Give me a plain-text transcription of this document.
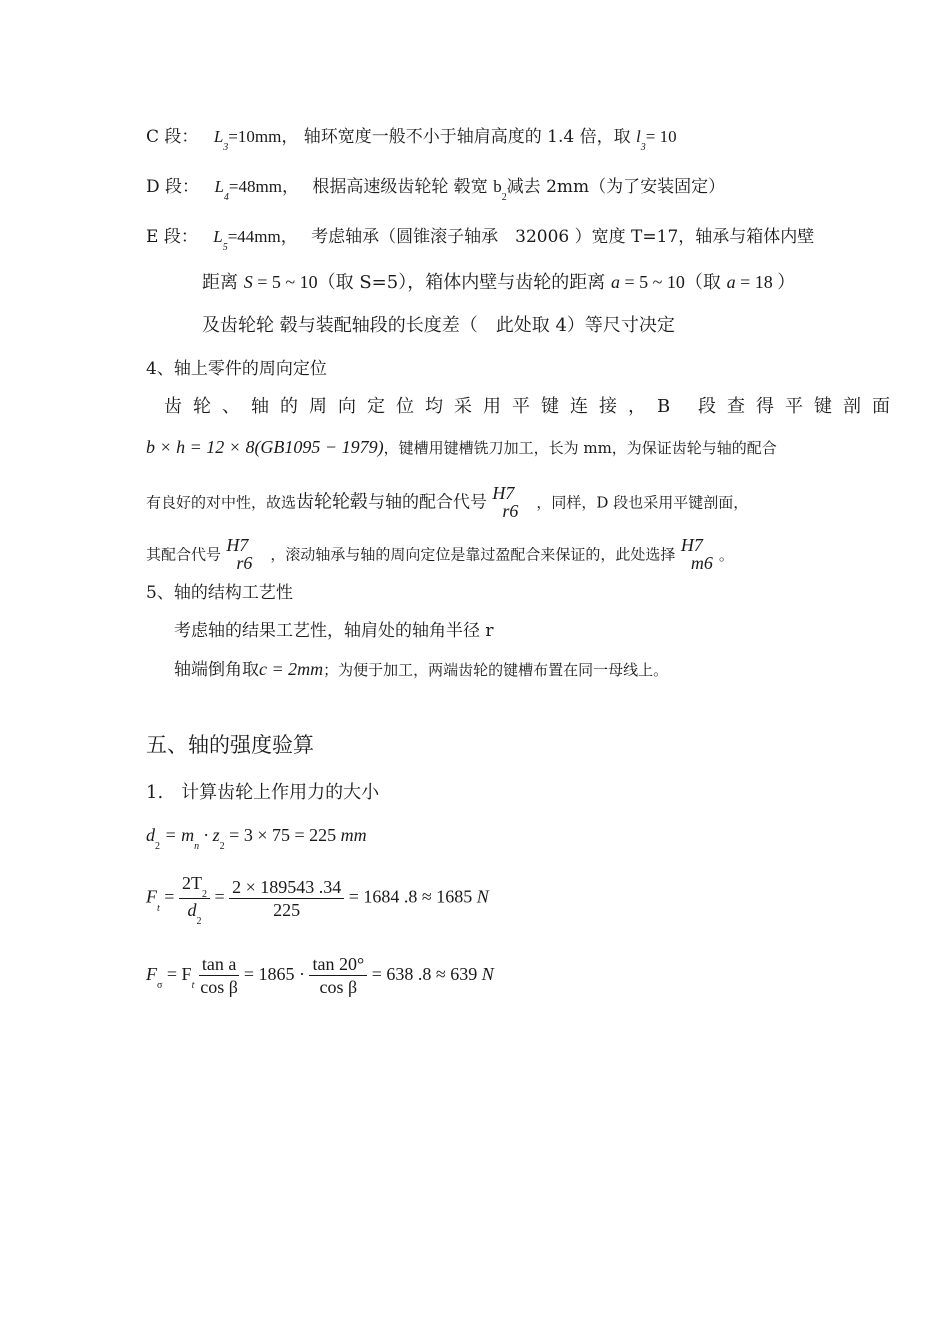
C 段： $L_3=10mm$， 轴环宽度一般不小于轴肩高度的 1.4 倍，取 $l_3= 10$
D 段： $L_4=48mm$， 根据高速级齿轮轮 毂宽 $b_2$减去 2mm（为了安装固定）
E 段： $L_5=44mm$， 考虑轴承（圆锥滚子轴承　32006 ）宽度 T=17，轴承与箱体内壁
距离 S = 5 ~ 10（取 S=5），箱体内壁与齿轮的距离 a = 5 ~ 10（取 a = 18 ）
及齿轮轮 毂与装配轴段的长度差（　此处取 4）等尺寸决定
4、轴上零件的周向定位
齿轮、轴的周向定位均采用平键连接，B 段查得平键剖面
b × h = 12 × 8(GB1095 − 1979)，键槽用键槽铣刀加工，长为 mm，为保证齿轮与轴的配合
有良好的对中性，故选齿轮轮毂与轴的配合代号 H7
r6 ，同样，D 段也采用平键剖面，
其配合代号 H7
r6 ，滚动轴承与轴的周向定位是靠过盈配合来保证的，此处选择 H7
m6 。
5、轴的结构工艺性
考虑轴的结果工艺性，轴肩处的轴角半径 r
轴端倒角取c = 2mm；为便于加工，两端齿轮的键槽布置在同一母线上。
五、轴的强度验算
1.　计算齿轮上作用力的大小
$d_2 = m_n \cdot z_2 = 3 \times 75 = 225$ mm
$F_t = \frac{2T_2}{d_2} = \frac{2 \times 189543 .34}{225} = 1684$ .8 ≈ 1685 N
$F_\sigma = F_t \frac{\text{tan a}}{\text{cos β}} = 1865 \cdot \frac{\tan 20^\circ}{\text{cos β}} = 638$ .8 ≈ 639 N
